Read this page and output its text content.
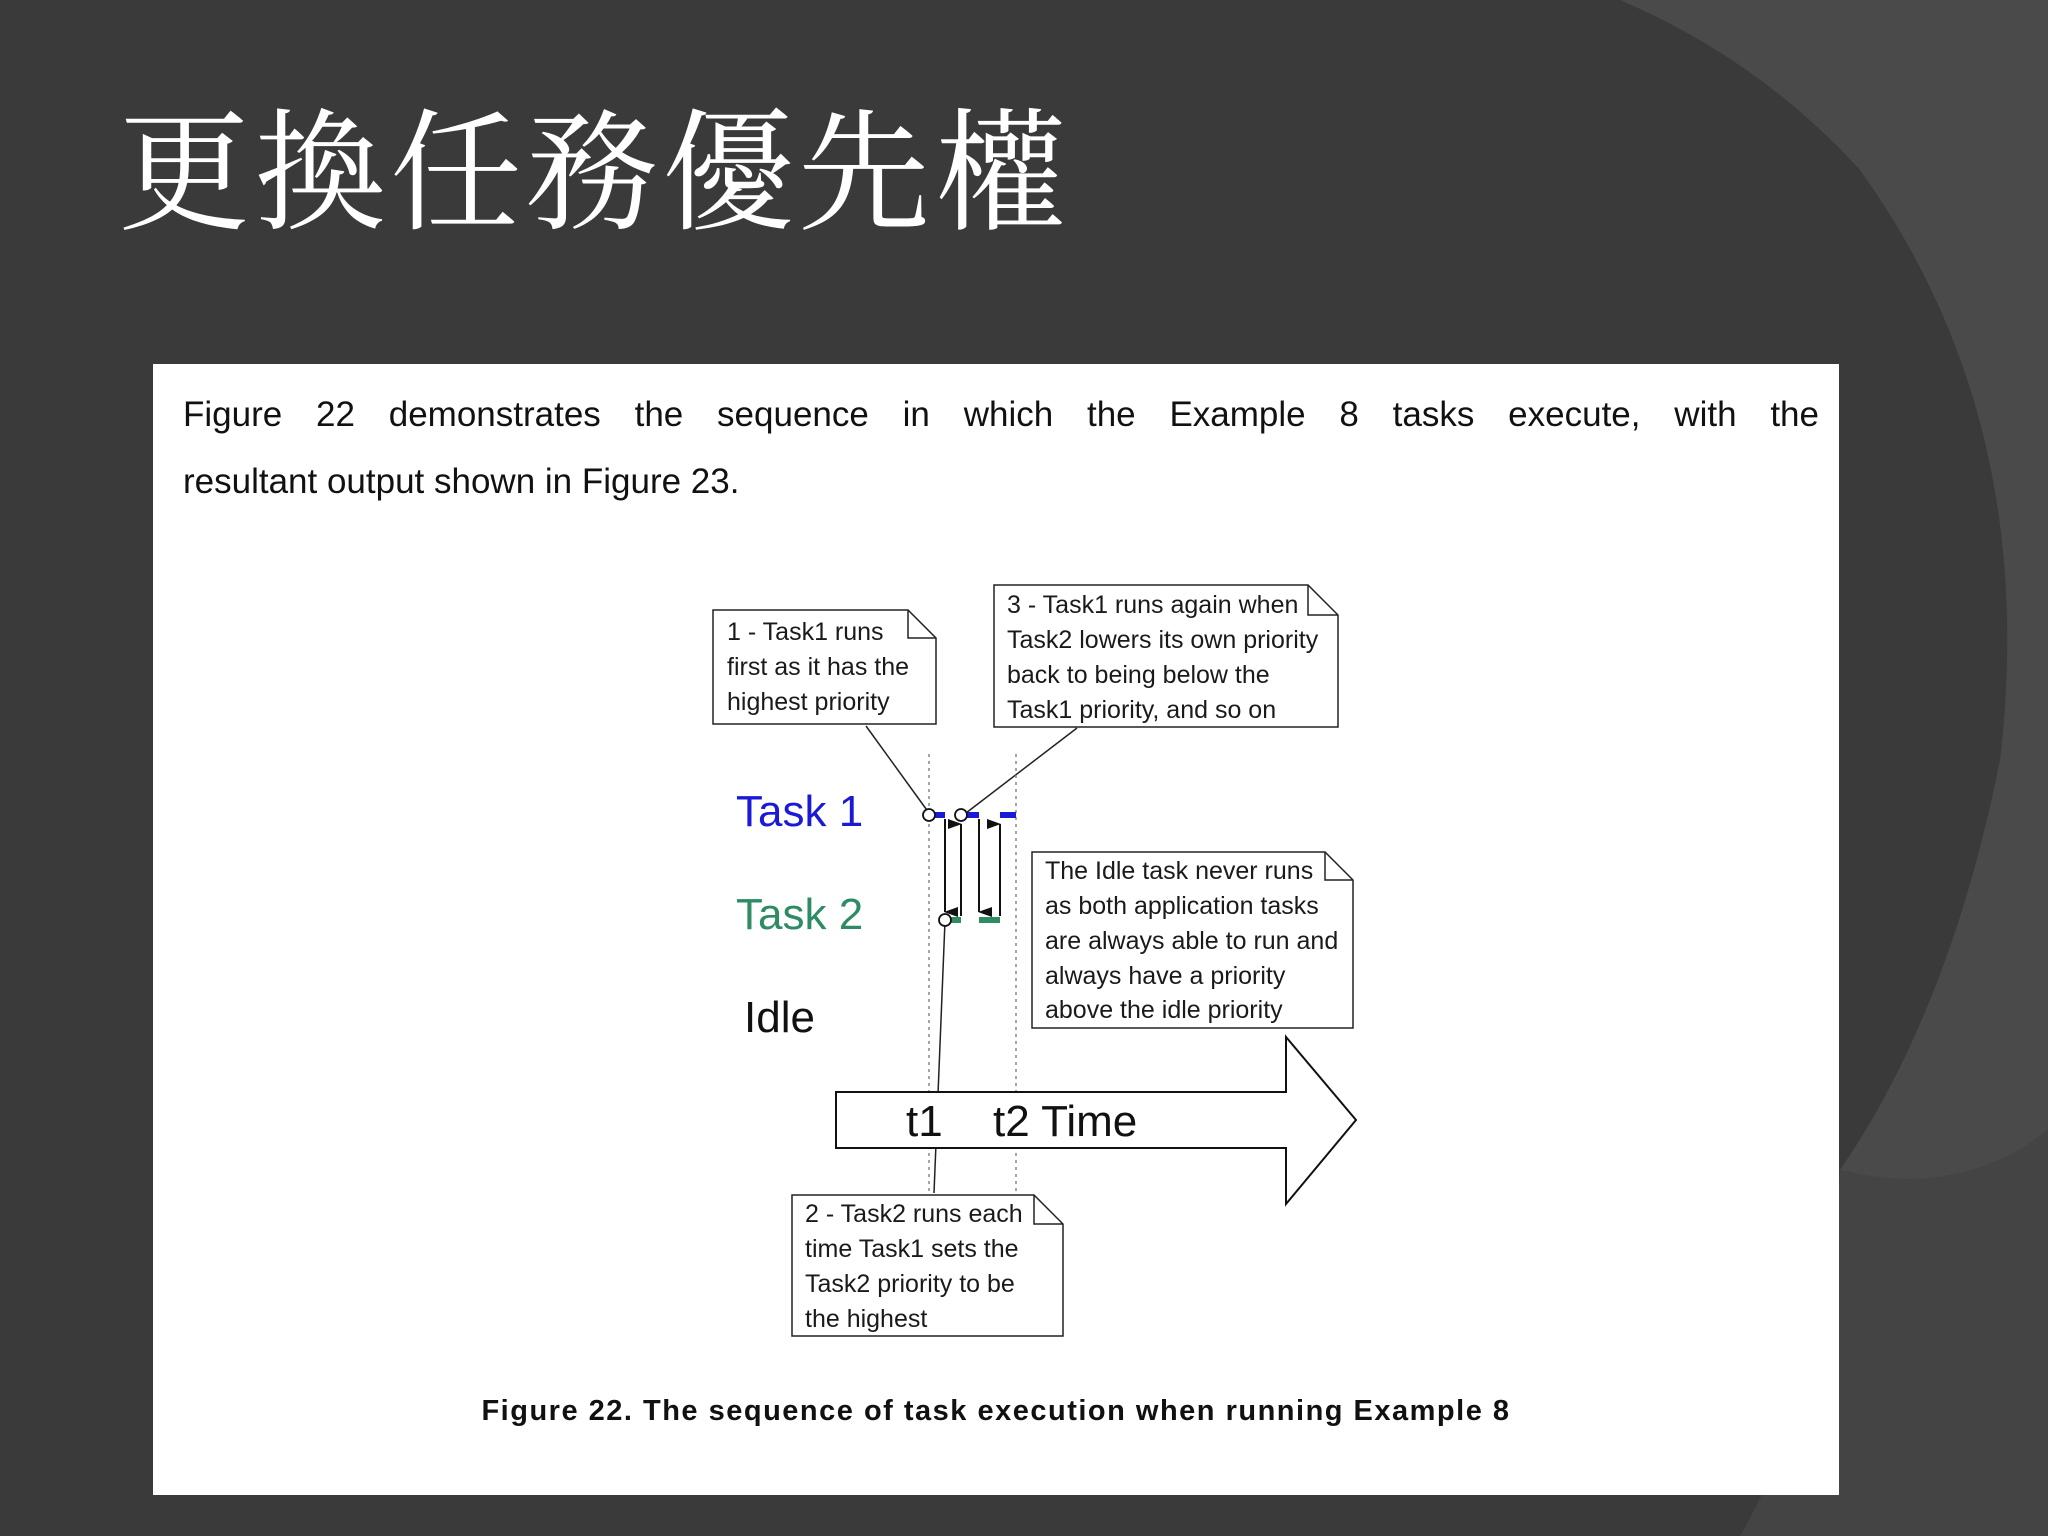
更換任務優先權
Figure 22 demonstrates the sequence in which the Example 8 tasks execute, with the
resultant output shown in Figure 23.
Task 1
Task 2
Idle
t1 t2 Time
1 - Task1 runs
first as it has the
highest priority
3 - Task1 runs again when
Task2 lowers its own priority
back to being below the
Task1 priority, and so on
The Idle task never runs
as both application tasks
are always able to run and
always have a priority
above the idle priority
2 - Task2 runs each
time Task1 sets the
Task2 priority to be
the highest
Figure 22. The sequence of task execution when running Example 8
